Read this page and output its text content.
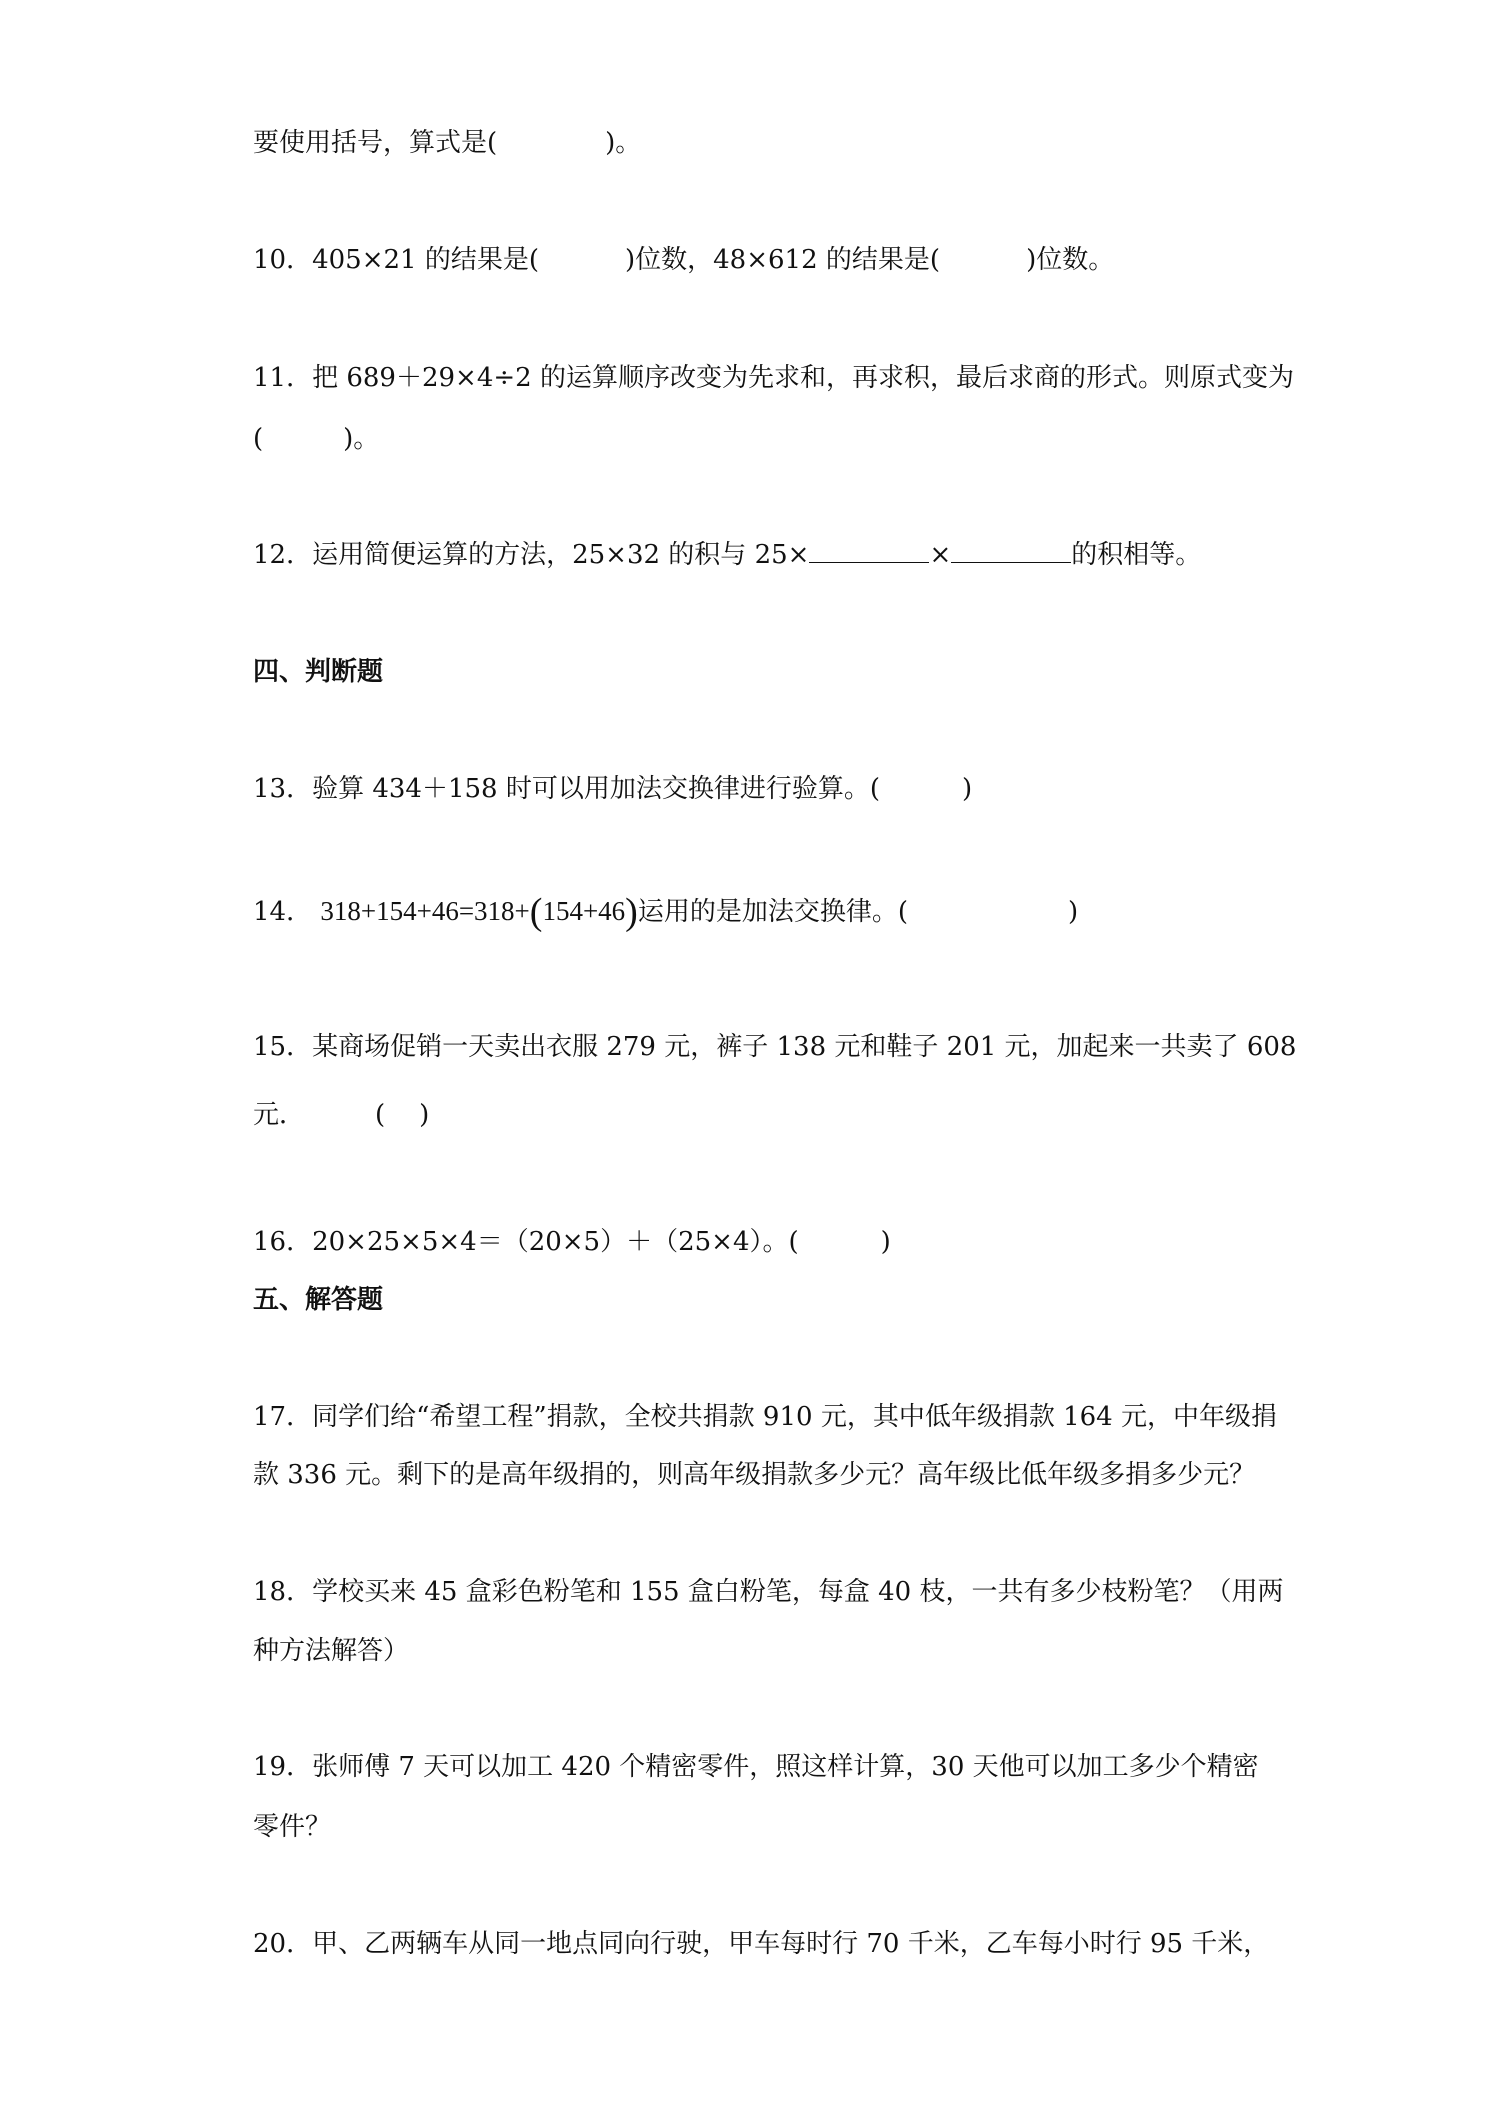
要使用括号，算式是(	)。
10．405×21 的结果是(	)位数，48×612 的结果是(	)位数。
11．把 689＋29×4÷2 的运算顺序改变为先求和，再求积，最后求商的形式。则原式变为
(	)。
12．运用简便运算的方法，25×32 的积与 25×	×	的积相等。
四、判断题
13．验算 434＋158 时可以用加法交换律进行验算。(	)
14． 318+154+46=318+(154+46)运用的是加法交换律。(	)
15．某商场促销一天卖出衣服 279 元，裤子 138 元和鞋子 201 元，加起来一共卖了 608
元．	( )
16．20×25×5×4＝（20×5）＋（25×4）。(	)
五、解答题
17．同学们给“希望工程”捐款，全校共捐款 910 元，其中低年级捐款 164 元，中年级捐
款 336 元。剩下的是高年级捐的，则高年级捐款多少元？高年级比低年级多捐多少元？
18．学校买来 45 盒彩色粉笔和 155 盒白粉笔，每盒 40 枝，一共有多少枝粉笔？（用两
种方法解答）
19．张师傅 7 天可以加工 420 个精密零件，照这样计算，30 天他可以加工多少个精密
零件？
20．甲、乙两辆车从同一地点同向行驶，甲车每时行 70 千米，乙车每小时行 95 千米，
